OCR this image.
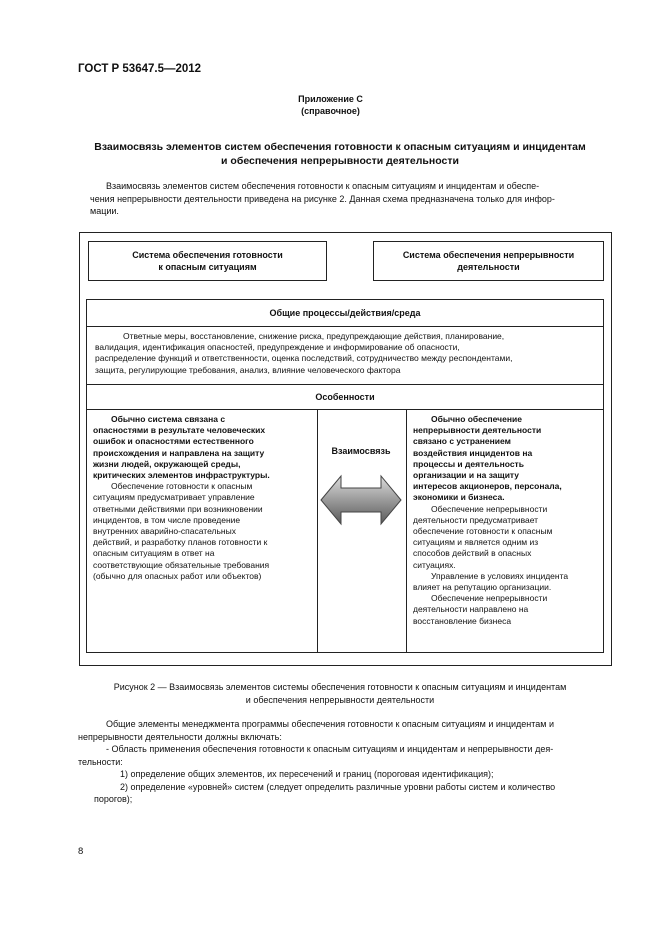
ГОСТ Р 53647.5—2012
Приложение С
(справочное)
Взаимосвязь элементов систем обеспечения готовности к опасным ситуациям и инцидентам
и обеспечения непрерывности деятельности
Взаимосвязь элементов систем обеспечения готовности к опасным ситуациям и инцидентам и обеспе-
чения непрерывности деятельности приведена на рисунке 2. Данная схема предназначена только для инфор-
мации.
Система обеспечения готовности
к опасным ситуациям
Система обеспечения непрерывности
деятельности
Общие процессы/действия/среда
Ответные меры, восстановление, снижение риска, предупреждающие действия, планирование,
валидация, идентификация опасностей, предупреждение и информирование об опасности,
распределение функций и ответственности, оценка последствий, сотрудничество между респондентами,
защита, регулирующие требования, анализ, влияние человеческого фактора
Особенности
Обычно система связана с
опасностями в результате человеческих
ошибок и опасностями естественного
происхождения и направлена на защиту
жизни людей, окружающей среды,
критических элементов инфраструктуры.
Обеспечение готовности к опасным
ситуациям предусматривает управление
ответными действиями при возникновении
инцидентов, в том числе проведение
внутренних аварийно-спасательных
действий, и разработку планов готовности к
опасным ситуациям в ответ на
соответствующие обязательные требования
(обычно для опасных работ или объектов)
Взаимосвязь
Обычно обеспечение
непрерывности деятельности
связано с устранением
воздействия инцидентов на
процессы и деятельность
организации и на защиту
интересов акционеров, персонала,
экономики и бизнеса.
Обеспечение непрерывности
деятельности предусматривает
обеспечение готовности к опасным
ситуациям и является одним из
способов действий в опасных
ситуациях.
Управление в условиях инцидента
влияет на репутацию организации.
Обеспечение непрерывности
деятельности направлено на
восстановление бизнеса
Рисунок 2 — Взаимосвязь элементов системы обеспечения готовности к опасным ситуациям и инцидентам
и обеспечения непрерывности деятельности

Общие элементы менеджмента программы обеспечения готовности к опасным ситуациям и инцидентам и

непрерывности деятельности должны включать:

- Область применения обеспечения готовности к опасным ситуациям и инцидентам и непрерывности дея-

тельности:

1) определение общих элементов, их пересечений и границ (пороговая идентификация);

2) определение «уровней» систем (следует определить различные уровни работы систем и количество

порогов);

8
